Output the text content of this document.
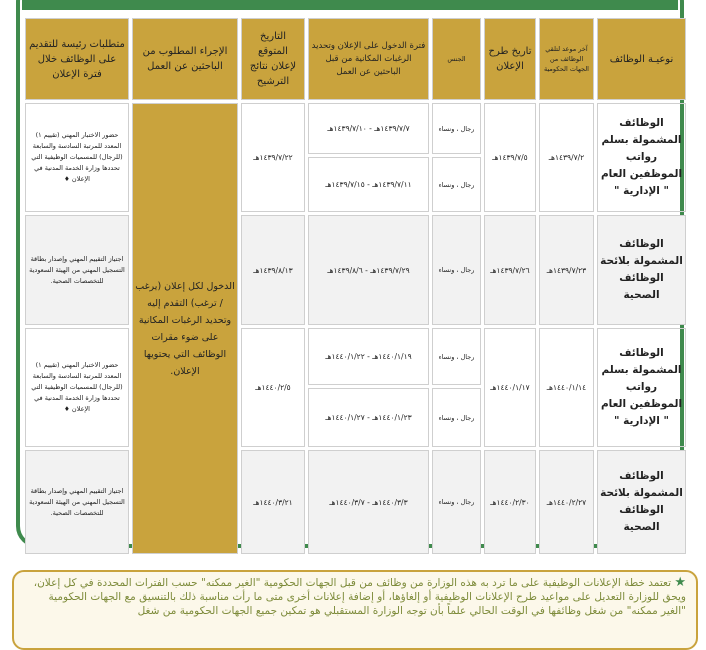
نوعيـة الوظائف	آخر موعد لتلقي الوظائف من الجهات الحكومية	تاريخ طرح الإعلان	الجنس	فترة الدخول على الإعلان وتحديد الرغبات المكانية من قبل الباحثين عن العمل	التاريخ المتوقع لإعلان نتائج الترشيح	الإجراء المطلوب من الباحثين عن العمل	متطلبات رئيسة للتقديم على الوظائف خلال فترة الإعلان
الوظائف المشمولة بسلم رواتب الموظفين العام " الإدارية "	١٤٣٩/٧/٢هـ	١٤٣٩/٧/٥هـ	رجال ، ونساء	١٤٣٩/٧/٧هـ - ١٤٣٩/٧/١٠هـ	١٤٣٩/٧/٢٢هـ	الدخول لكل إعلان (يرغب / ترغب) التقدم إليه وتحديد الرغبات المكانية على ضوء مقرات الوظائف التي يحتويها الإعلان.	حضور الاختبار المهني (تقييم ١) المعدد للمرتبة السادسة والسابعة (للرجال) للمسميات الوظيفية التي تحددها وزارة الخدمة المدنية في الإعلان ♦
			رجال ، ونساء	١٤٣٩/٧/١١هـ - ١٤٣٩/٧/١٥هـ			
الوظائف المشمولة بلائحة الوظائف الصحية	١٤٣٩/٧/٢٣هـ	١٤٣٩/٧/٢٦هـ	رجال ، ونساء	١٤٣٩/٧/٢٩هـ - ١٤٣٩/٨/٦هـ	١٤٣٩/٨/١٣هـ		اجتياز التقييم المهني وإصدار بطاقة التسجيل المهني من الهيئة السعودية للتخصصات الصحية.
الوظائف المشمولة بسلم رواتب الموظفين العام " الإدارية "	١٤٤٠/١/١٤هـ	١٤٤٠/١/١٧هـ	رجال ، ونساء	١٤٤٠/١/١٩هـ - ١٤٤٠/١/٢٢هـ	١٤٤٠/٢/٥هـ		حضور الاختبار المهني (تقييم ١) المعدد للمرتبة السادسة والسابعة (للرجال) للمسميات الوظيفية التي تحددها وزارة الخدمة المدنية في الإعلان ♦
			رجال ، ونساء	١٤٤٠/١/٢٣هـ - ١٤٤٠/١/٢٧هـ			
الوظائف المشمولة بلائحة الوظائف الصحية	١٤٤٠/٢/٢٧هـ	١٤٤٠/٢/٣٠هـ	رجال ، ونساء	١٤٤٠/٣/٣هـ - ١٤٤٠/٣/٧هـ	١٤٤٠/٣/٢١هـ		اجتياز التقييم المهني وإصدار بطاقة التسجيل المهني من الهيئة السعودية للتخصصات الصحية.
★ تعتمد خطة الإعلانات الوظيفية على ما ترد به هذه الوزارة من وظائف من قبل الجهات الحكومية "الغير ممكنه" حسب الفترات المحددة في كل إعلان، ويحق للوزارة التعديل على مواعيد طرح الإعلانات الوظيفية أو إلغاؤها، أو إضافة إعلانات أخرى متى ما رأت مناسبة ذلك بالتنسيق مع الجهات الحكومية "الغير ممكنه" من شغل وظائفها في الوقت الحالي علماً بأن توجه الوزارة المستقبلي هو تمكين جميع الجهات الحكومية من شغل
